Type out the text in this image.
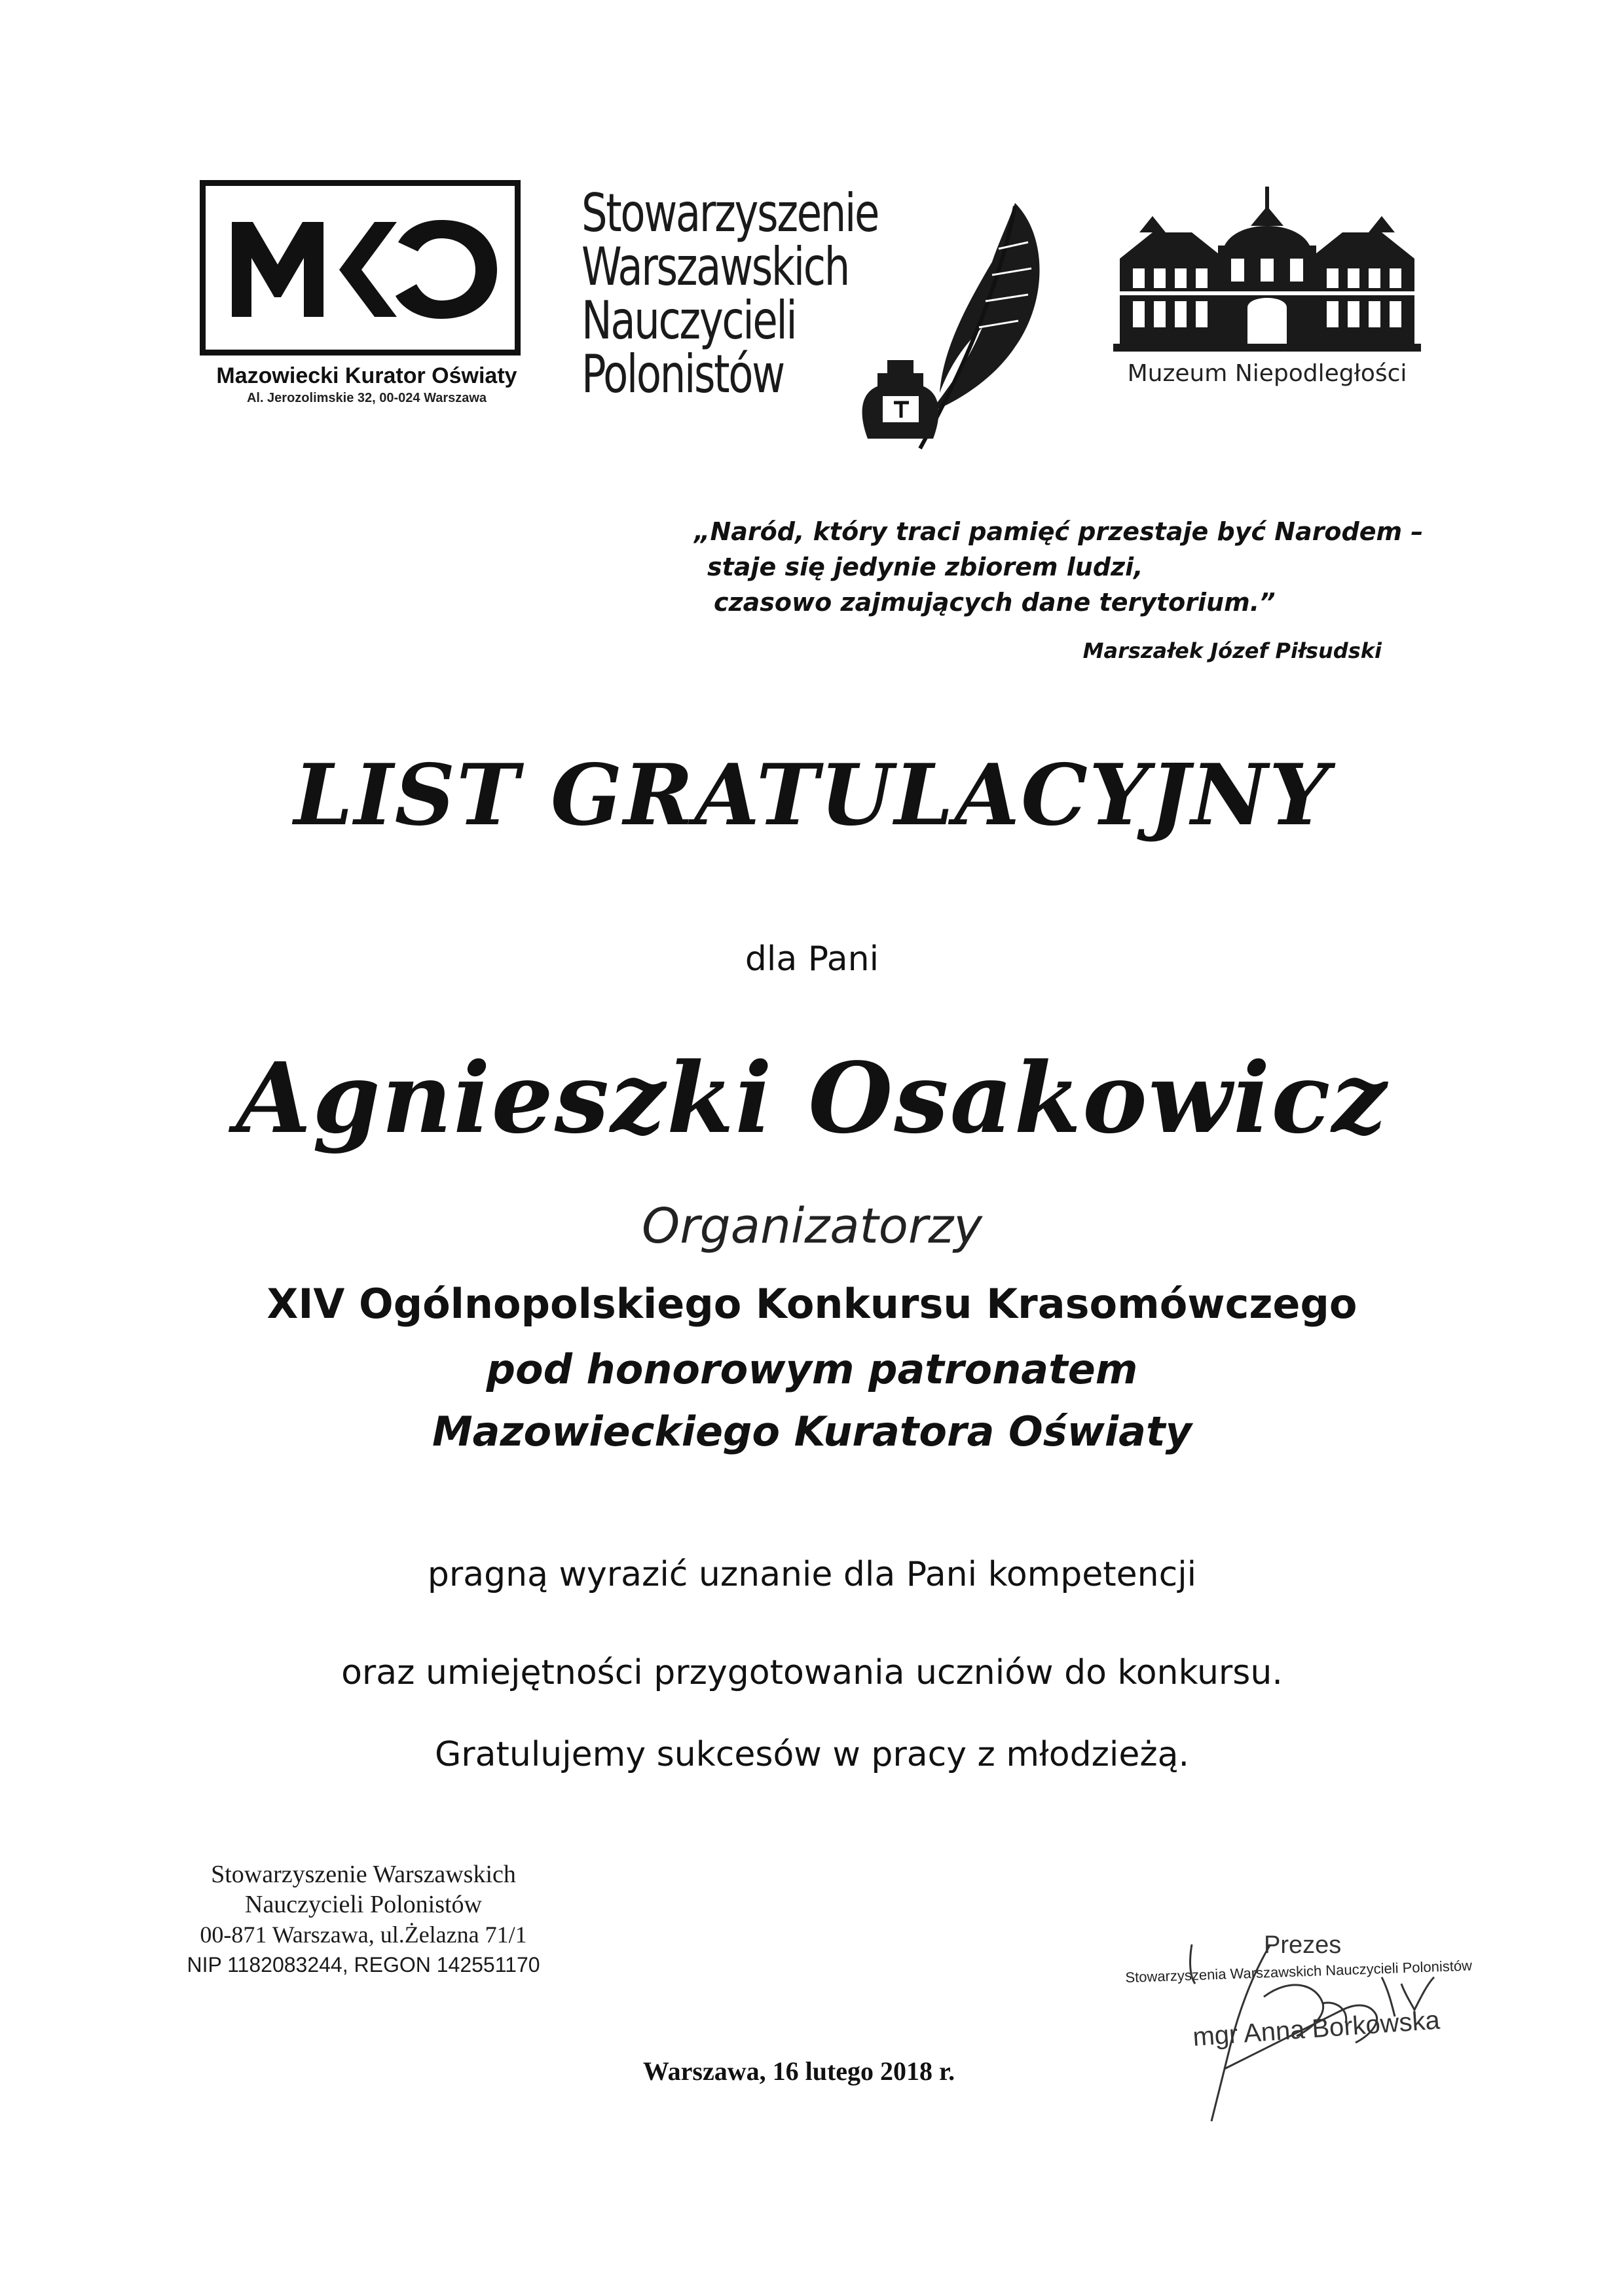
Mazowiecki Kurator Oświaty
Al. Jerozolimskie 32, 00-024 Warszawa
Stowarzyszenie
Warszawskich
Nauczycieli
Polonistów	Muzeum Niepodległości
„Naród, który traci pamięć przestaje być Narodem –
staje się jedynie zbiorem ludzi,
czasowo zajmujących dane terytorium.”
Marszałek Józef Piłsudski
LIST GRATULACYJNY
dla Pani
Agnieszki Osakowicz
Organizatorzy
XIV Ogólnopolskiego Konkursu Krasomówczego
pod honorowym patronatem
Mazowieckiego Kuratora Oświaty
pragną wyrazić uznanie dla Pani kompetencji
oraz umiejętności przygotowania uczniów do konkursu.
Gratulujemy sukcesów w pracy z młodzieżą.
Stowarzyszenie Warszawskich
Nauczycieli Polonistów
00-871 Warszawa, ul.Żelazna 71/1
NIP 1182083244, REGON 142551170
Warszawa, 16 lutego 2018 r.
Prezes
Stowarzyszenia Warszawskich Nauczycieli Polonistów
mgr Anna Borkowska
